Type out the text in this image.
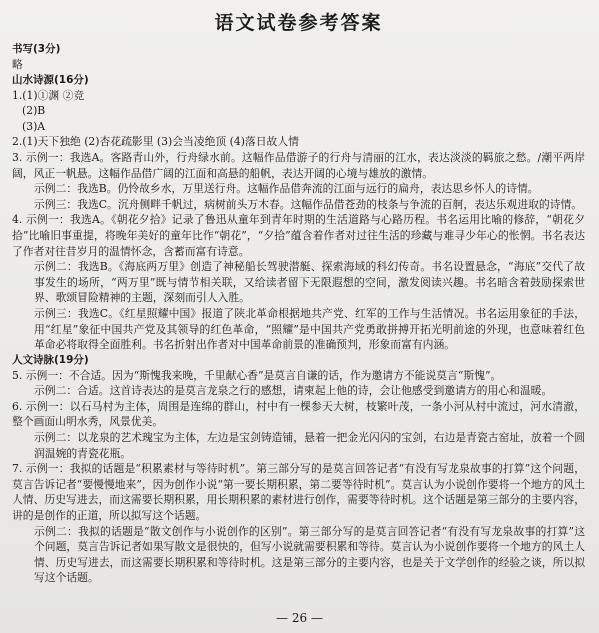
语文试卷参考答案
书写(3分)
略
山水诗源(16分)
1.(1)①渊 ②竞
(2)B
(3)A
2.(1)天下独绝 (2)杏花疏影里 (3)会当凌绝顶 (4)落日故人情
3. 示例一：我选A。客路青山外，行舟绿水前。这幅作品借游子的行舟与清丽的江水，表达淡淡的羁旅之愁。/潮平两岸阔，风正一帆悬。这幅作品借广阔的江面和高悬的船帆，表达开阔的心境与雄放的激情。
示例二：我选B。仍怜故乡水，万里送行舟。这幅作品借奔流的江面与远行的扁舟，表达思乡怀人的诗情。
示例三：我选C。沉舟侧畔千帆过，病树前头万木春。这幅作品借苍劲的枝条与争流的百舸，表达乐观进取的诗情。
4. 示例一：我选A。《朝花夕拾》记录了鲁迅从童年到青年时期的生活道路与心路历程。书名运用比喻的修辞，“朝花夕拾”比喻旧事重提，将晚年美好的童年比作“朝花”，“夕拾”蕴含着作者对过往生活的珍藏与难寻少年心的怅惘。书名表达了作者对往昔岁月的温情怀念，含蓄而富有诗意。
示例二：我选B。《海底两万里》创造了神秘船长驾驶潜艇、探索海域的科幻传奇。书名设置悬念，“海底”交代了故事发生的场所，“两万里”既与情节相关联，又给读者留下无限遐想的空间，激发阅读兴趣。书名暗含着鼓励探索世界、歌颂冒险精神的主题，深刻而引人入胜。
示例三：我选C。《红星照耀中国》报道了陕北革命根据地共产党、红军的工作与生活情况。书名运用象征的手法，用“红星”象征中国共产党及其领导的红色革命，“照耀”是中国共产党勇敢拼搏开拓光明前途的外现，也意味着红色革命必将取得全面胜利。书名折射出作者对中国革命前景的准确预判，形象而富有内涵。
人文诗脉(19分)
5. 示例一：不合适。因为“斯愧我来晚，千里献心香”是莫言自谦的话，作为邀请方不能说莫言“斯愧”。
示例二：合适。这首诗表达的是莫言龙泉之行的感想，请柬起上他的诗，会让他感受到邀请方的用心和温暖。
6. 示例一：以石马村为主体，周围是连绵的群山，村中有一棵参天大树，枝繁叶茂，一条小河从村中流过，河水清澈，整个画面山明水秀，风景优美。
示例二：以龙泉的艺术瑰宝为主体，左边是宝剑铸造铺，悬着一把金光闪闪的宝剑，右边是青瓷古窑址，放着一个圆润温婉的青瓷花瓶。
7. 示例一：我拟的话题是“积累素材与等待时机”。第三部分写的是莫言回答记者“有没有写龙泉故事的打算”这个问题，莫言告诉记者“要慢慢地来”，因为创作小说“第一要长期积累，第二要等待时机”。莫言认为小说创作要将一个地方的风土人情、历史写进去，而这需要长期积累，用长期积累的素材进行创作，需要等待时机。这个话题是第三部分的主要内容，讲的是创作的正道，所以拟写这个话题。
示例二：我拟的话题是“散文创作与小说创作的区别”。第三部分写的是莫言回答记者“有没有写龙泉故事的打算”这个问题，莫言告诉记者如果写散文是很快的，但写小说就需要积累和等待。莫言认为小说创作要将一个地方的风土人情、历史写进去，而这需要长期积累和等待时机。这是第三部分的主要内容，也是关于文学创作的经验之谈，所以拟写这个话题。
— 26 —
